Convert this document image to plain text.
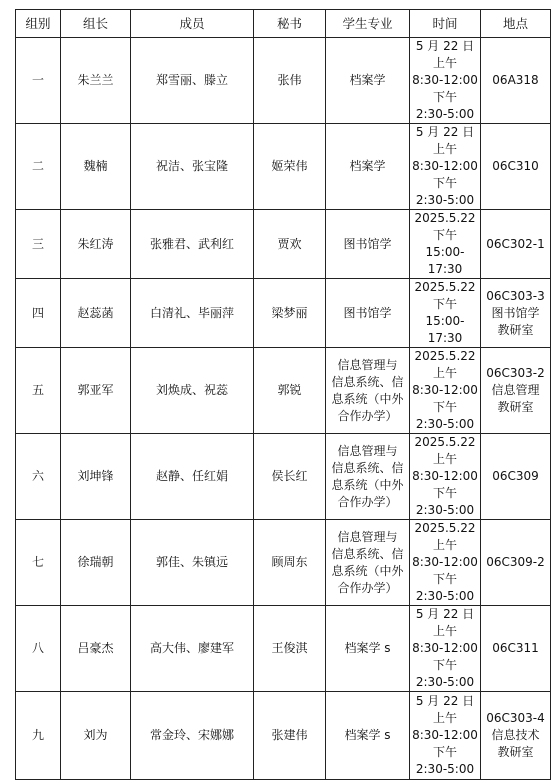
组别	组长	成员	秘书	学生专业	时间	地点
一	朱兰兰	郑雪丽、滕立	张伟	档案学	5 月 22 日
上午
8:30-12:00
下午
2:30-5:00	06A318
二	魏楠	祝洁、张宝隆	姬荣伟	档案学	5 月 22 日
上午
8:30-12:00
下午
2:30-5:00	06C310
三	朱红涛	张雅君、武利红	贾欢	图书馆学	2025.5.22
下午
15:00-17:30	06C302-1
四	赵蕊菡	白清礼、毕丽萍	梁梦丽	图书馆学	2025.5.22
下午
15:00-17:30	06C303-3
图书馆学
教研室
五	郭亚军	刘焕成、祝蕊	郭锐	信息管理与
信息系统、信
息系统（中外
合作办学）	2025.5.22
上午
8:30-12:00
下午
2:30-5:00	06C303-2
信息管理
教研室
六	刘坤锋	赵静、任红娟	侯长红	信息管理与
信息系统、信
息系统（中外
合作办学）	2025.5.22
上午
8:30-12:00
下午
2:30-5:00	06C309
七	徐瑞朝	郭佳、朱镇远	顾周东	信息管理与
信息系统、信
息系统（中外
合作办学）	2025.5.22
上午
8:30-12:00
下午
2:30-5:00	06C309-2
八	吕豪杰	高大伟、廖建军	王俊淇	档案学 s	5 月 22 日
上午
8:30-12:00
下午
2:30-5:00	06C311
九	刘为	常金玲、宋娜娜	张建伟	档案学 s	5 月 22 日
上午
8:30-12:00
下午
2:30-5:00	06C303-4
信息技术
教研室
